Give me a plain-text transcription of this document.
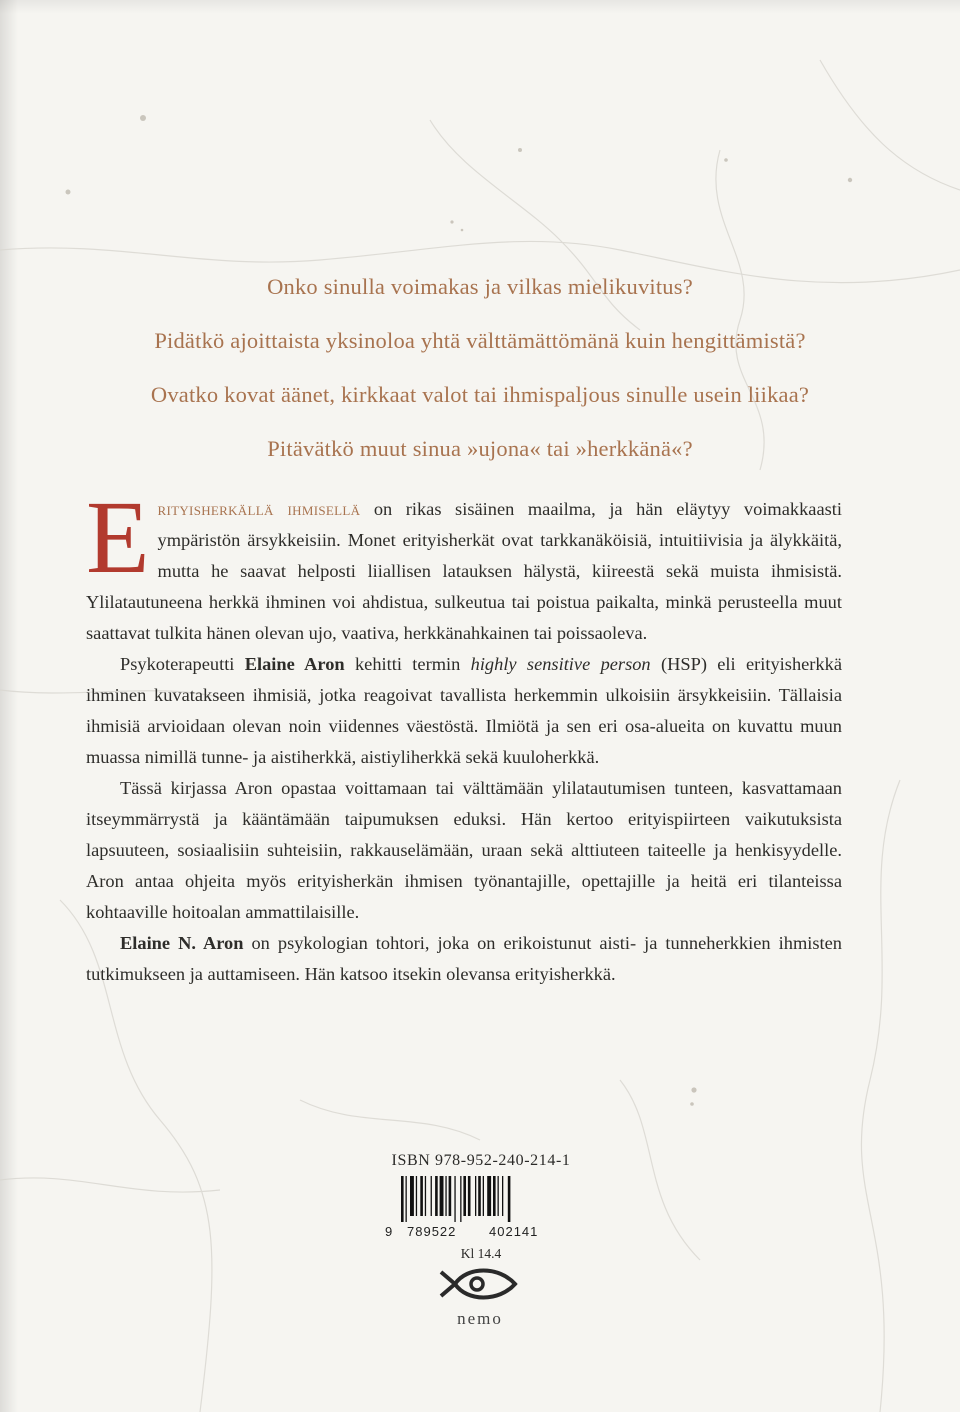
Onko sinulla voimakas ja vilkas mielikuvitus?

Pidätkö ajoittaista yksinoloa yhtä välttämättömänä kuin hengittämistä?

Ovatko kovat äänet, kirkkaat valot tai ihmispaljous sinulle usein liikaa?

Pitävätkö muut sinua »ujona« tai »herkkänä«?

Erityisherkällä ihmisellä on rikas sisäinen maailma, ja hän eläytyy voimakkaasti ympäristön ärsykkeisiin. Monet erityisherkät ovat tarkkanäköisiä, intuitiivisia ja älykkäitä, mutta he saavat helposti liiallisen latauksen hälystä, kiireestä sekä muista ihmisistä. Ylilatautuneena herkkä ihminen voi ahdistua, sulkeutua tai poistua paikalta, minkä perusteella muut saattavat tulkita hänen olevan ujo, vaativa, herkkänahkainen tai poissaoleva.

Psykoterapeutti Elaine Aron kehitti termin highly sensitive person (HSP) eli erityisherkkä ihminen kuvatakseen ihmisiä, jotka reagoivat tavallista herkemmin ulkoisiin ärsykkeisiin. Tällaisia ihmisiä arvioidaan olevan noin viidennes väestöstä. Ilmiötä ja sen eri osa-alueita on kuvattu muun muassa nimillä tunne- ja aistiherkkä, aistiyliherkkä sekä kuuloherkkä.

Tässä kirjassa Aron opastaa voittamaan tai välttämään ylilatautumisen tunteen, kasvattamaan itseymmärrystä ja kääntämään taipumuksen eduksi. Hän kertoo erityispiirteen vaikutuksista lapsuuteen, sosiaalisiin suhteisiin, rakkauselämään, uraan sekä alttiuteen taiteelle ja henkisyydelle. Aron antaa ohjeita myös erityisherkän ihmisen työnantajille, opettajille ja heitä eri tilanteissa kohtaaville hoitoalan ammattilaisille.

Elaine N. Aron on psykologian tohtori, joka on erikoistunut aisti- ja tunneherkkien ihmisten tutkimukseen ja auttamiseen. Hän katsoo itsekin olevansa erityisherkkä.

ISBN 978-952-240-214-1
9 789522	402141
Kl 14.4
nemo
